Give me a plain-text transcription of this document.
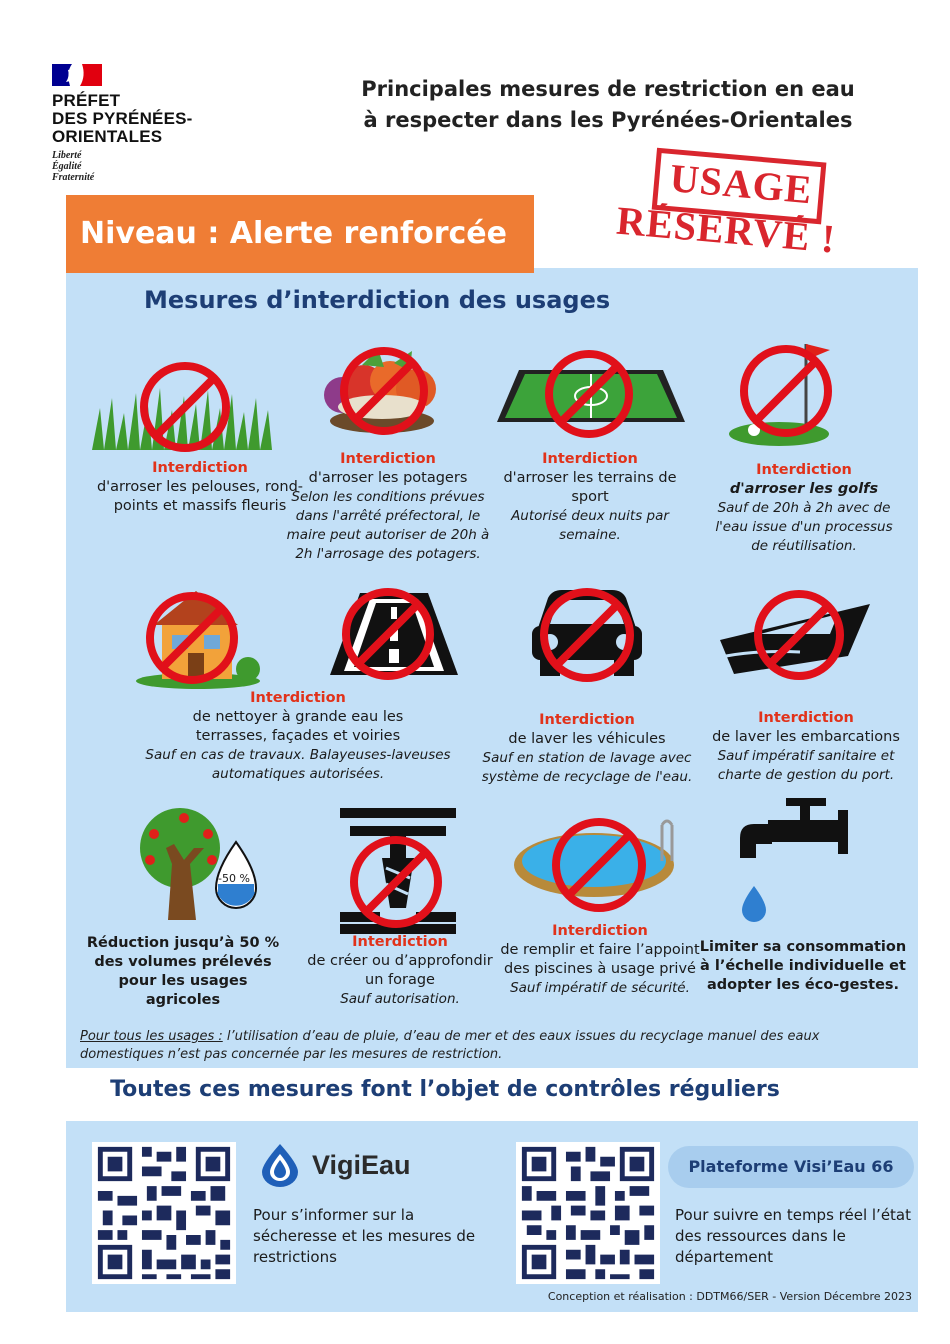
PRÉFET
DES PYRÉNÉES-
ORIENTALES
Liberté
Égalité
Fraternité
Principales mesures de restriction en eau
à respecter dans les Pyrénées-Orientales
USAGE
RÉSERVÉ !
Niveau : Alerte renforcée
Mesures d’interdiction des usages
Interdiction
d'arroser les pelouses, rond-points et massifs fleuris
Interdiction
d'arroser les potagers
Selon les conditions prévues dans l'arrêté préfectoral, le maire peut autoriser de 20h à 2h l'arrosage des potagers.
Interdiction
d'arroser les terrains de sport
Autorisé deux nuits par semaine.
Interdiction
d'arroser les golfs
Sauf de 20h à 2h avec de l'eau issue d'un processus de réutilisation.
Interdiction
de nettoyer à grande eau les terrasses, façades et voiries
Sauf en cas de travaux. Balayeuses-laveuses automatiques autorisées.
Interdiction
de laver les véhicules
Sauf en station de lavage avec système de recyclage de l'eau.
Interdiction
de laver les embarcations
Sauf impératif sanitaire et charte de gestion du port.
-50 %
Réduction jusqu’à 50 % des volumes prélevés pour les usages agricoles
Interdiction
de créer ou d’approfondir un forage
Sauf autorisation.
Interdiction
de remplir et faire l’appoint des piscines à usage privé
Sauf impératif de sécurité.
Limiter sa consommation à l’échelle individuelle et adopter les éco-gestes.
Pour tous les usages : l’utilisation d’eau de pluie, d’eau de mer et des eaux issues du recyclage manuel des eaux domestiques n’est pas concernée par les mesures de restriction.
Toutes ces mesures font l’objet de contrôles réguliers
VigiEau
Pour s’informer sur la sécheresse et les mesures de restrictions
Plateforme Visi’Eau 66
Pour suivre en temps réel l’état des ressources dans le département
Conception et réalisation : DDTM66/SER - Version Décembre 2023
